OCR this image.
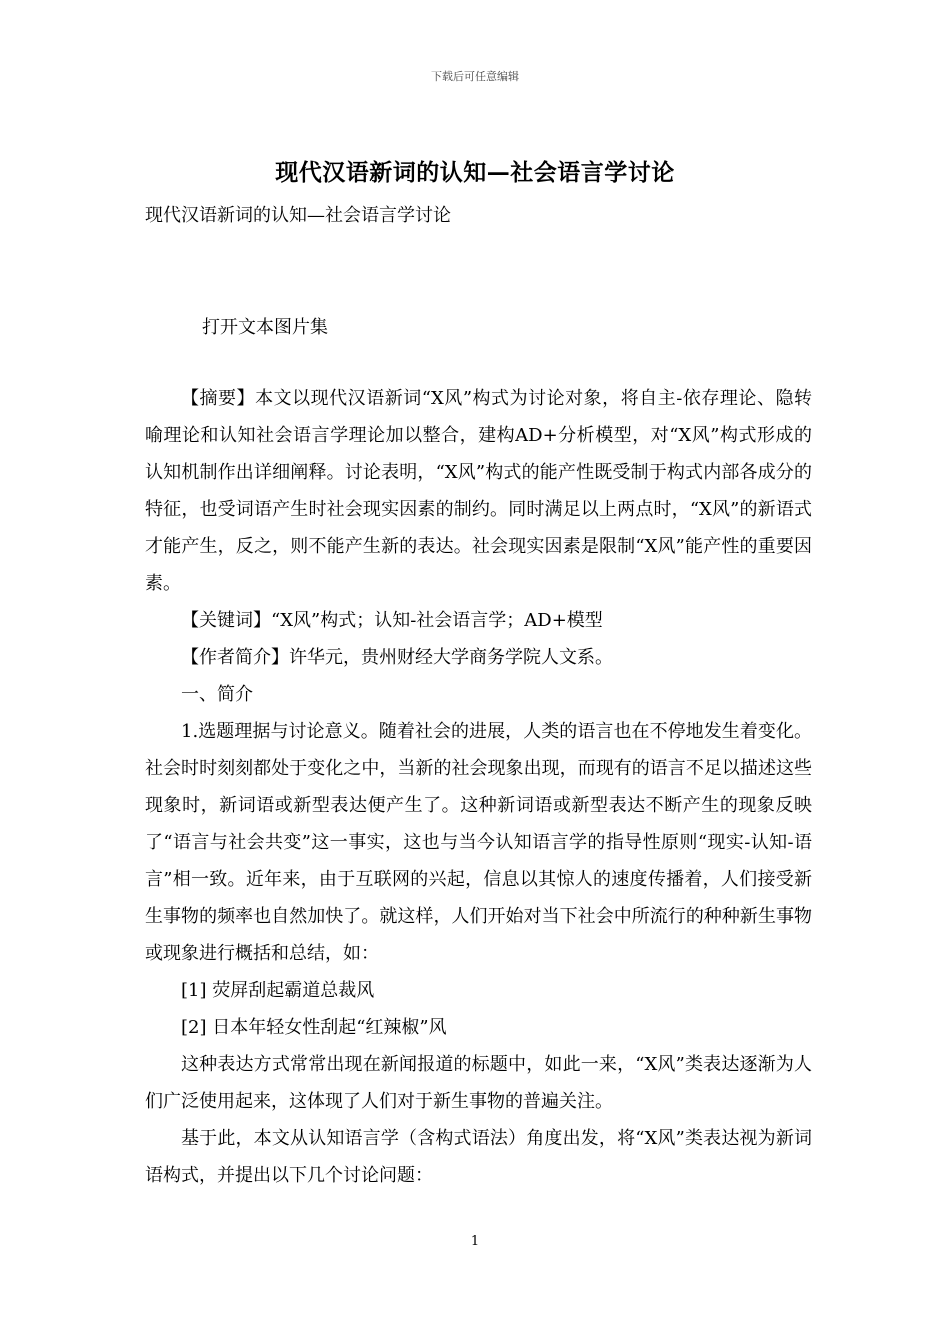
下载后可任意编辑
现代汉语新词的认知—社会语言学讨论
现代汉语新词的认知—社会语言学讨论
打开文本图片集

【摘要】本文以现代汉语新词“X风”构式为讨论对象，将自主-依存理论、隐转喻理论和认知社会语言学理论加以整合，建构AD+分析模型，对“X风”构式形成的认知机制作出详细阐释。讨论表明，“X风”构式的能产性既受制于构式内部各成分的特征，也受词语产生时社会现实因素的制约。同时满足以上两点时，“X风”的新语式才能产生，反之，则不能产生新的表达。社会现实因素是限制“X风”能产性的重要因素。

【关键词】“X风”构式；认知-社会语言学；AD+模型

【作者简介】许华元，贵州财经大学商务学院人文系。

一、简介

1.选题理据与讨论意义。随着社会的进展，人类的语言也在不停地发生着变化。社会时时刻刻都处于变化之中，当新的社会现象出现，而现有的语言不足以描述这些现象时，新词语或新型表达便产生了。这种新词语或新型表达不断产生的现象反映了“语言与社会共变”这一事实，这也与当今认知语言学的指导性原则“现实-认知-语言”相一致。近年来，由于互联网的兴起，信息以其惊人的速度传播着，人们接受新生事物的频率也自然加快了。就这样，人们开始对当下社会中所流行的种种新生事物或现象进行概括和总结，如：

[1] 荧屏刮起霸道总裁风

[2] 日本年轻女性刮起“红辣椒”风

这种表达方式常常出现在新闻报道的标题中，如此一来，“X风”类表达逐渐为人们广泛使用起来，这体现了人们对于新生事物的普遍关注。

基于此，本文从认知语言学（含构式语法）角度出发，将“X风”类表达视为新词语构式，并提出以下几个讨论问题：

1
